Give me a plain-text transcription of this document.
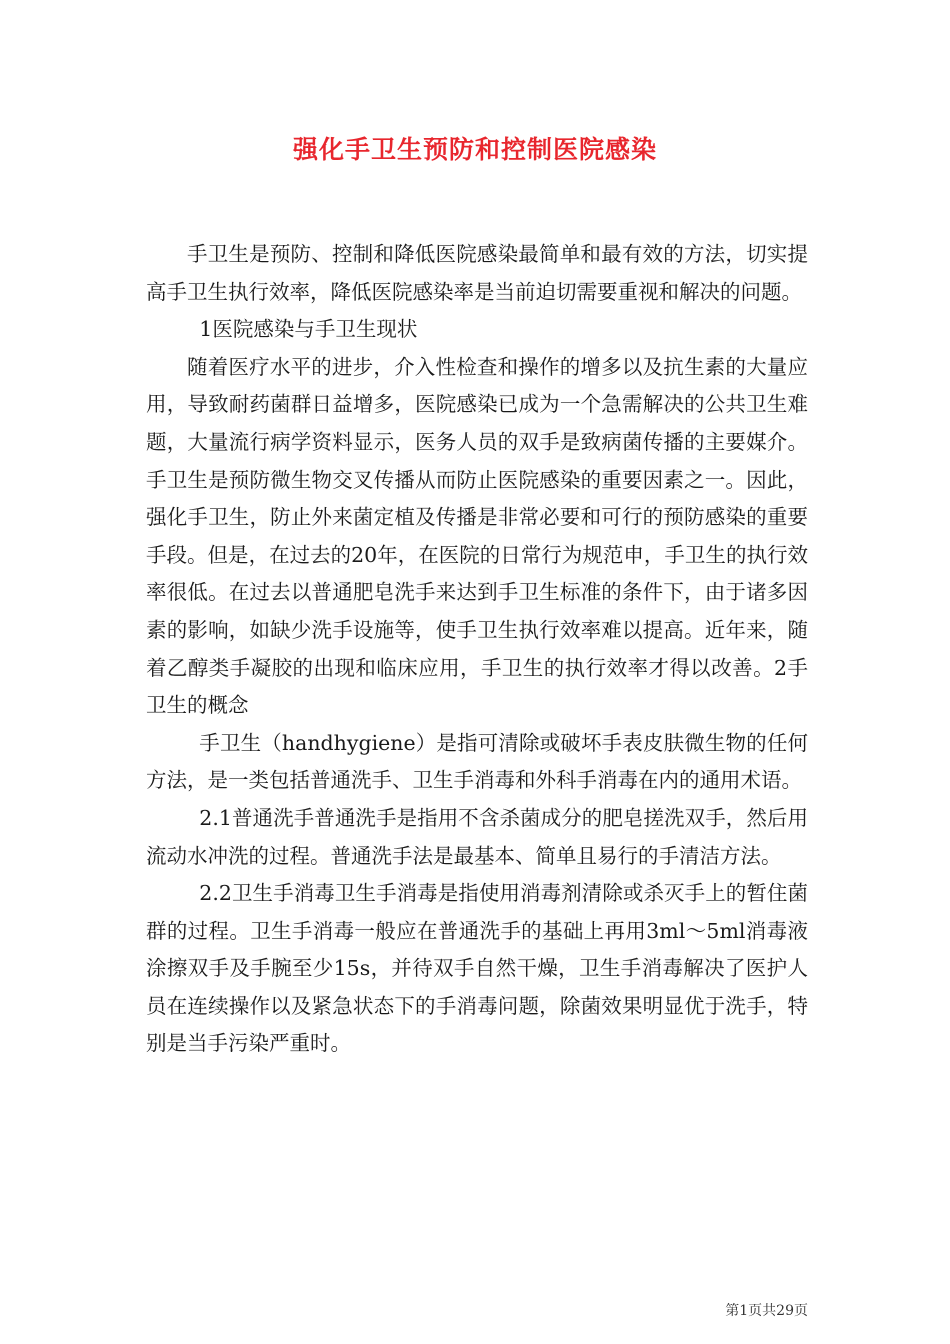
强化手卫生预防和控制医院感染

手卫生是预防、控制和降低医院感染最简单和最有效的方法，切实提高手卫生执行效率，降低医院感染率是当前迫切需要重视和解决的问题。

1医院感染与手卫生现状

随着医疗水平的进步，介入性检查和操作的增多以及抗生素的大量应用，导致耐药菌群日益增多，医院感染已成为一个急需解决的公共卫生难题，大量流行病学资料显示，医务人员的双手是致病菌传播的主要媒介。手卫生是预防微生物交叉传播从而防止医院感染的重要因素之一。因此，强化手卫生，防止外来菌定植及传播是非常必要和可行的预防感染的重要手段。但是，在过去的20年，在医院的日常行为规范申，手卫生的执行效率很低。在过去以普通肥皂洗手来达到手卫生标准的条件下，由于诸多因素的影响，如缺少洗手设施等，使手卫生执行效率难以提高。近年来，随着乙醇类手凝胶的出现和临床应用，手卫生的执行效率才得以改善。2手卫生的概念

手卫生（handhygiene）是指可清除或破坏手表皮肤微生物的任何方法，是一类包括普通洗手、卫生手消毒和外科手消毒在内的通用术语。

2.1普通洗手普通洗手是指用不含杀菌成分的肥皂搓洗双手，然后用流动水冲洗的过程。普通洗手法是最基本、简单且易行的手清洁方法。

2.2卫生手消毒卫生手消毒是指使用消毒剂清除或杀灭手上的暂住菌群的过程。卫生手消毒一般应在普通洗手的基础上再用3ml～5ml消毒液涂擦双手及手腕至少15s，并待双手自然干燥，卫生手消毒解决了医护人员在连续操作以及紧急状态下的手消毒问题，除菌效果明显优于洗手，特别是当手污染严重时。

第1页共29页
